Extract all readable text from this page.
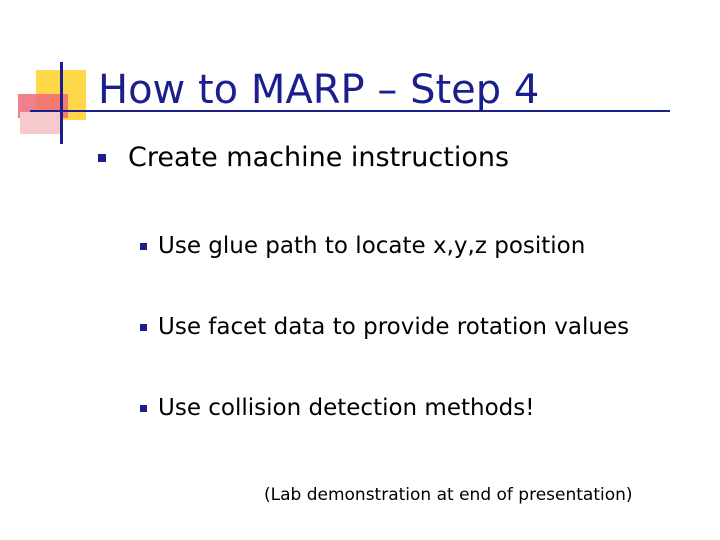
How to MARP – Step 4
Create machine instructions
Use glue path to locate x,y,z position
Use facet data to provide rotation values
Use collision detection methods!
(Lab demonstration at end of presentation)
